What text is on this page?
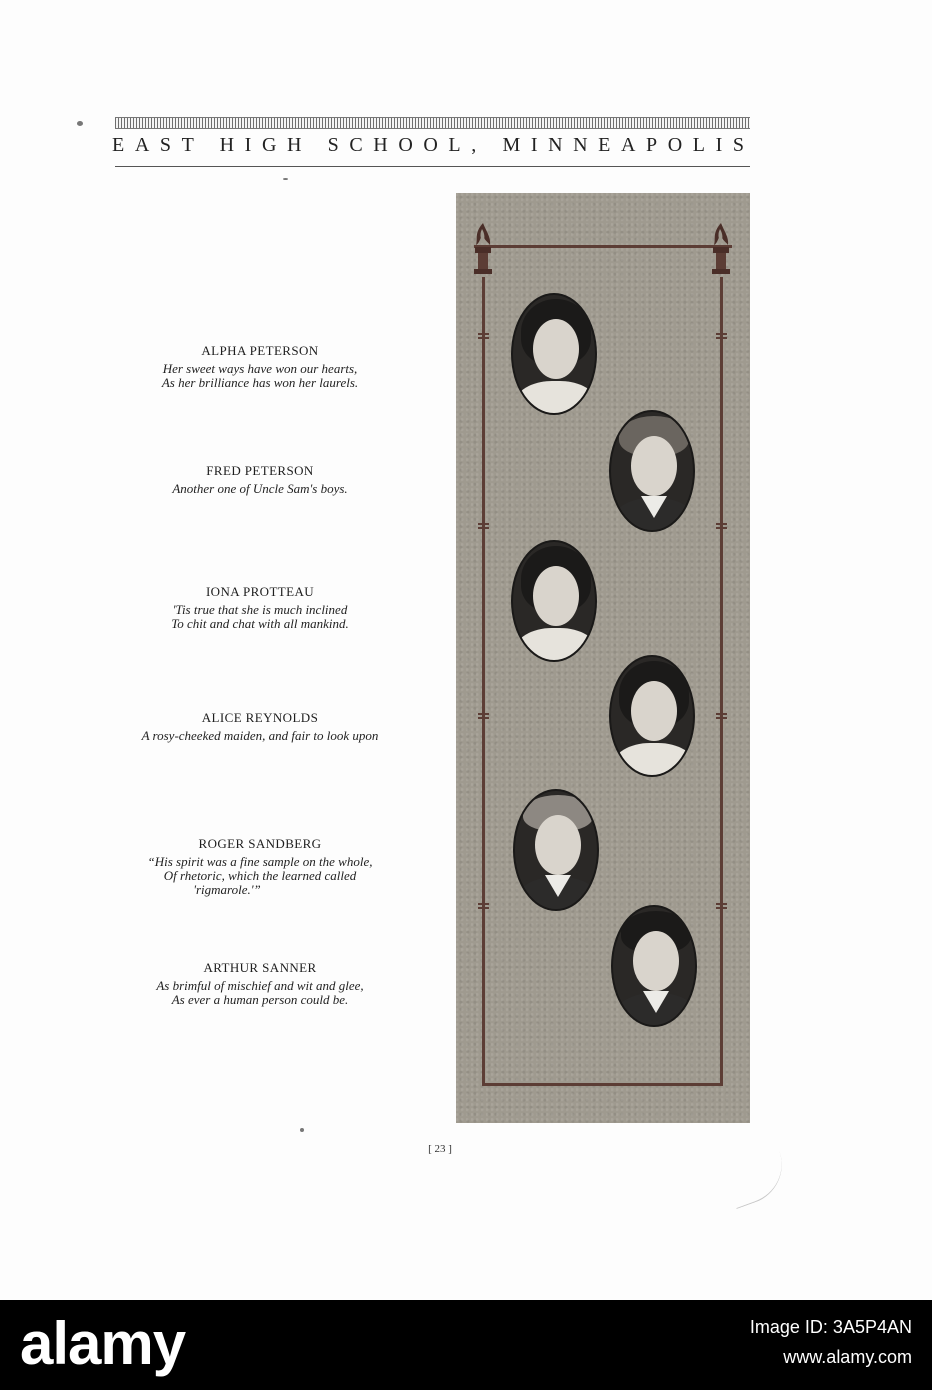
EAST HIGH SCHOOL, MINNEAPOLIS
ALPHA PETERSON
Her sweet ways have won our hearts,
As her brilliance has won her laurels.
FRED PETERSON
Another one of Uncle Sam's boys.
IONA PROTTEAU
'Tis true that she is much inclined
To chit and chat with all mankind.
ALICE REYNOLDS
A rosy-cheeked maiden, and fair to look upon
ROGER SANDBERG
“His spirit was a fine sample on the whole,
Of rhetoric, which the learned called
'rigmarole.'”
ARTHUR SANNER
As brimful of mischief and wit and glee,
As ever a human person could be.
[ 23 ]
alamy	Image ID: 3A5P4AN
www.alamy.com
